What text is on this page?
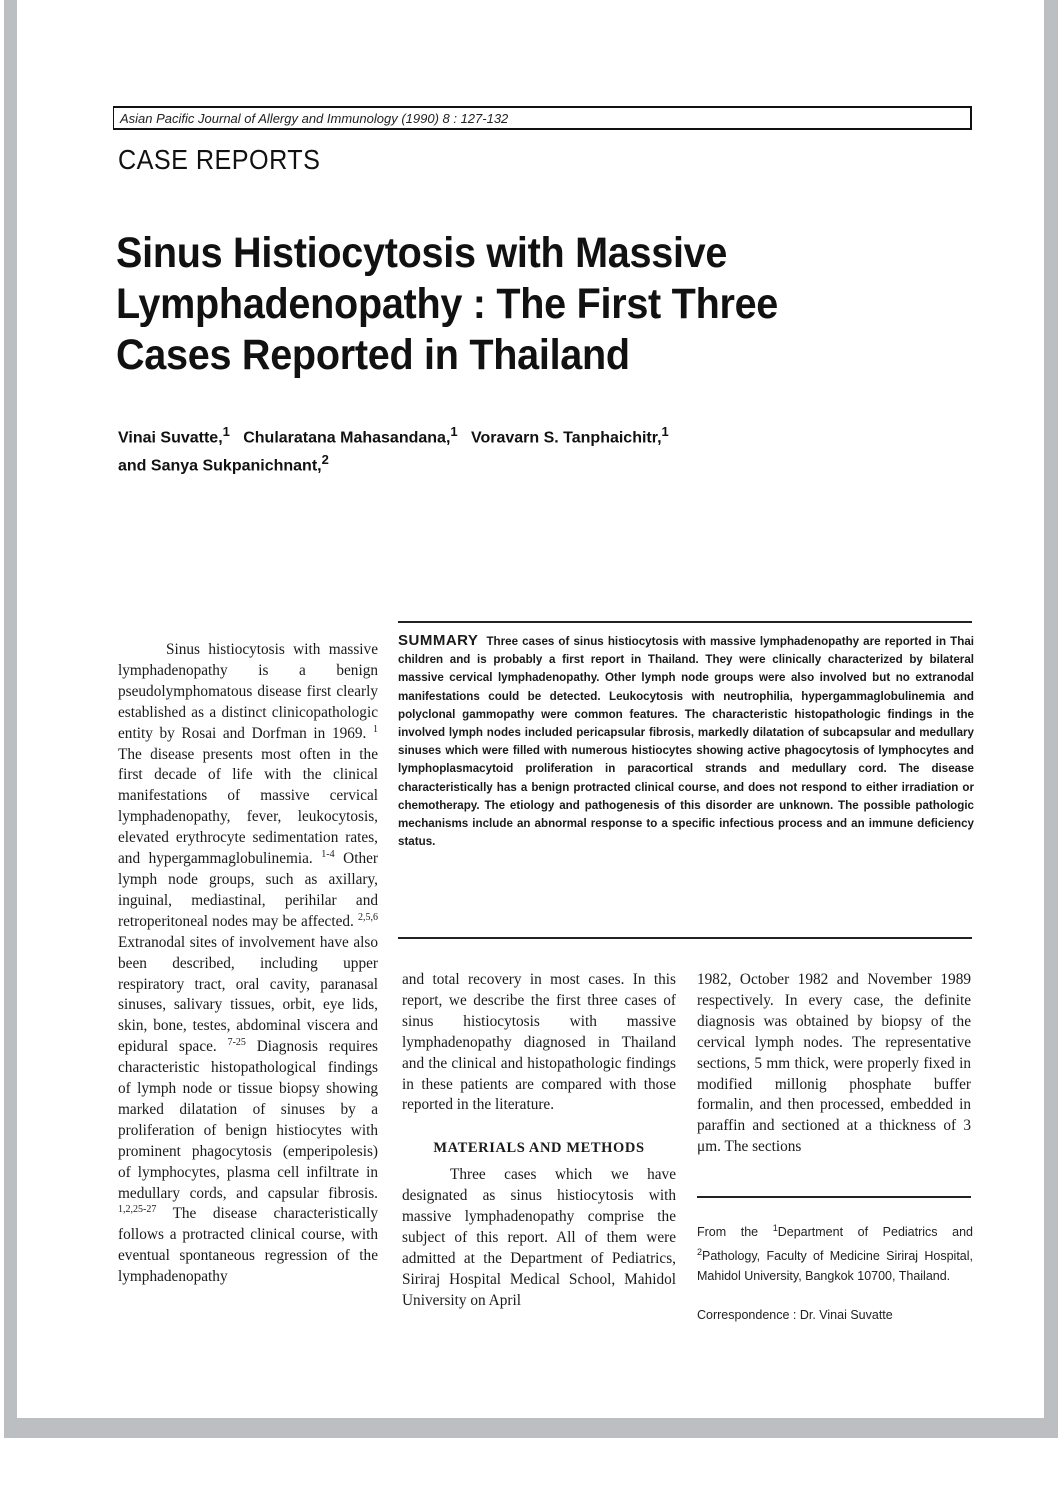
Asian Pacific Journal of Allergy and Immunology (1990) 8 : 127-132
CASE REPORTS
Sinus Histiocytosis with Massive Lymphadenopathy : The First Three Cases Reported in Thailand
Vinai Suvatte,$^1$ Chularatana Mahasandana,$^1$ Voravarn S. Tanphaichitr,$^1$
and Sanya Sukpanichnant,$^2$
Sinus histiocytosis with massive lymphadenopathy is a benign pseudolymphomatous disease first clearly established as a distinct clinicopathologic entity by Rosai and Dorfman in 1969. $^1$ The disease presents most often in the first decade of life with the clinical manifestations of massive cervical lymphadenopathy, fever, leukocytosis, elevated erythrocyte sedimentation rates, and hypergammaglobulinemia. $^{1-4}$ Other lymph node groups, such as axillary, inguinal, mediastinal, perihilar and retroperitoneal nodes may be affected. $^{2,5,6}$ Extranodal sites of involvement have also been described, including upper respiratory tract, oral cavity, paranasal sinuses, salivary tissues, orbit, eye lids, skin, bone, testes, abdominal viscera and epidural space. $^{7-25}$ Diagnosis requires characteristic histopathological findings of lymph node or tissue biopsy showing marked dilatation of sinuses by a proliferation of benign histiocytes with prominent phagocytosis (emperipolesis) of lymphocytes, plasma cell infiltrate in medullary cords, and capsular fibrosis. $^{1,2,25-27}$ The disease characteristically follows a protracted clinical course, with eventual spontaneous regression of the lymphadenopathy
SUMMARY Three cases of sinus histiocytosis with massive lymphadenopathy are reported in Thai children and is probably a first report in Thailand. They were clinically characterized by bilateral massive cervical lymphadenopathy. Other lymph node groups were also involved but no extranodal manifestations could be detected. Leukocytosis with neutrophilia, hypergammaglobulinemia and polyclonal gammopathy were common features. The characteristic histopathologic findings in the involved lymph nodes included pericapsular fibrosis, markedly dilatation of subcapsular and medullary sinuses which were filled with numerous histiocytes showing active phagocytosis of lymphocytes and lymphoplasmacytoid proliferation in paracortical strands and medullary cord. The disease characteristically has a benign protracted clinical course, and does not respond to either irradiation or chemotherapy. The etiology and pathogenesis of this disorder are unknown. The possible pathologic mechanisms include an abnormal response to a specific infectious process and an immune deficiency status.
and total recovery in most cases. In this report, we describe the first three cases of sinus histiocytosis with massive lymphadenopathy diagnosed in Thailand and the clinical and histopathologic findings in these patients are compared with those reported in the literature.
MATERIALS AND METHODS
Three cases which we have designated as sinus histiocytosis with massive lymphadenopathy comprise the subject of this report. All of them were admitted at the Department of Pediatrics, Siriraj Hospital Medical School, Mahidol University on April
1982, October 1982 and November 1989 respectively. In every case, the definite diagnosis was obtained by biopsy of the cervical lymph nodes. The representative sections, 5 mm thick, were properly fixed in modified millonig phosphate buffer formalin, and then processed, embedded in paraffin and sectioned at a thickness of 3 μm. The sections
From the $^1$Department of Pediatrics and $^2$Pathology, Faculty of Medicine Siriraj Hospital, Mahidol University, Bangkok 10700, Thailand.
Correspondence : Dr. Vinai Suvatte
